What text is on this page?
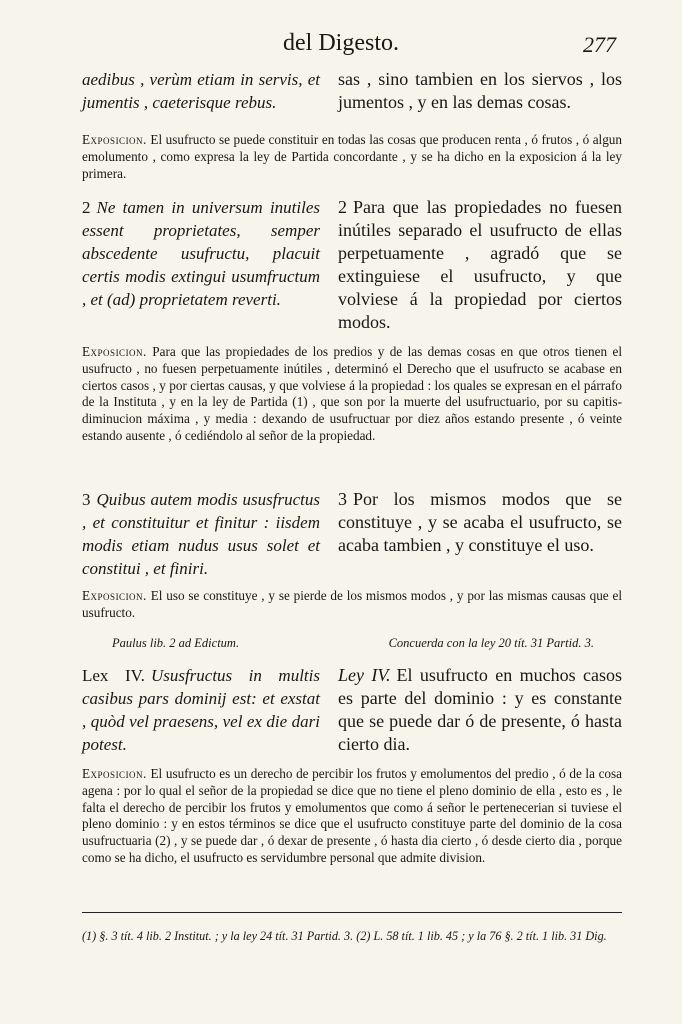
del Digesto.	277
aedibus , verùm etiam in servis, et jumentis , caeterisque rebus.
sas , sino tambien en los siervos , los jumentos , y en las demas cosas.
Exposicion. El usufructo se puede constituir en todas las cosas que producen renta , ó frutos , ó algun emolumento , como expresa la ley de Partida concordante , y se ha dicho en la exposicion á la ley primera.
2 Ne tamen in universum inutiles essent proprietates, semper abscedente usufructu, placuit certis modis extingui usumfructum , et (ad) proprietatem reverti.
2 Para que las propiedades no fuesen inútiles separado el usufructo de ellas perpetuamente , agradó que se extinguiese el usufructo, y que volviese á la propiedad por ciertos modos.
Exposicion. Para que las propiedades de los predios y de las demas cosas en que otros tienen el usufructo , no fuesen perpetuamente inútiles , determinó el Derecho que el usufructo se acabase en ciertos casos , y por ciertas causas, y que volviese á la propiedad : los quales se expresan en el párrafo de la Instituta , y en la ley de Partida (1) , que son por la muerte del usufructuario, por su capitis-diminucion máxima , y media : dexando de usufructuar por diez años estando presente , ó veinte estando ausente , ó cediéndolo al señor de la propiedad.
3 Quibus autem modis ususfructus , et constituitur et finitur : iisdem modis etiam nudus usus solet et constitui , et finiri.
3 Por los mismos modos que se constituye , y se acaba el usufructo, se acaba tambien , y constituye el uso.
Exposicion. El uso se constituye , y se pierde de los mismos modos , y por las mismas causas que el usufructo.
Paulus lib. 2 ad Edictum.	Concuerda con la ley 20 tít. 31 Partid. 3.
Lex IV. Ususfructus in multis casibus pars dominij est: et exstat , quòd vel praesens, vel ex die dari potest.
Ley IV. El usufructo en muchos casos es parte del dominio : y es constante que se puede dar ó de presente, ó hasta cierto dia.
Exposicion. El usufructo es un derecho de percibir los frutos y emolumentos del predio , ó de la cosa agena : por lo qual el señor de la propiedad se dice que no tiene el pleno dominio de ella , esto es , le falta el derecho de percibir los frutos y emolumentos que como á señor le pertenecerian si tuviese el pleno dominio : y en estos términos se dice que el usufructo constituye parte del dominio de la cosa usufructuaria (2) , y se puede dar , ó dexar de presente , ó hasta dia cierto , ó desde cierto dia , porque como se ha dicho, el usufructo es servidumbre personal que admite division.
(1) §. 3 tít. 4 lib. 2 Institut. ; y la ley 24 tít. 31 Partid. 3. (2) L. 58 tít. 1 lib. 45 ; y la 76 §. 2 tít. 1 lib. 31 Dig.
